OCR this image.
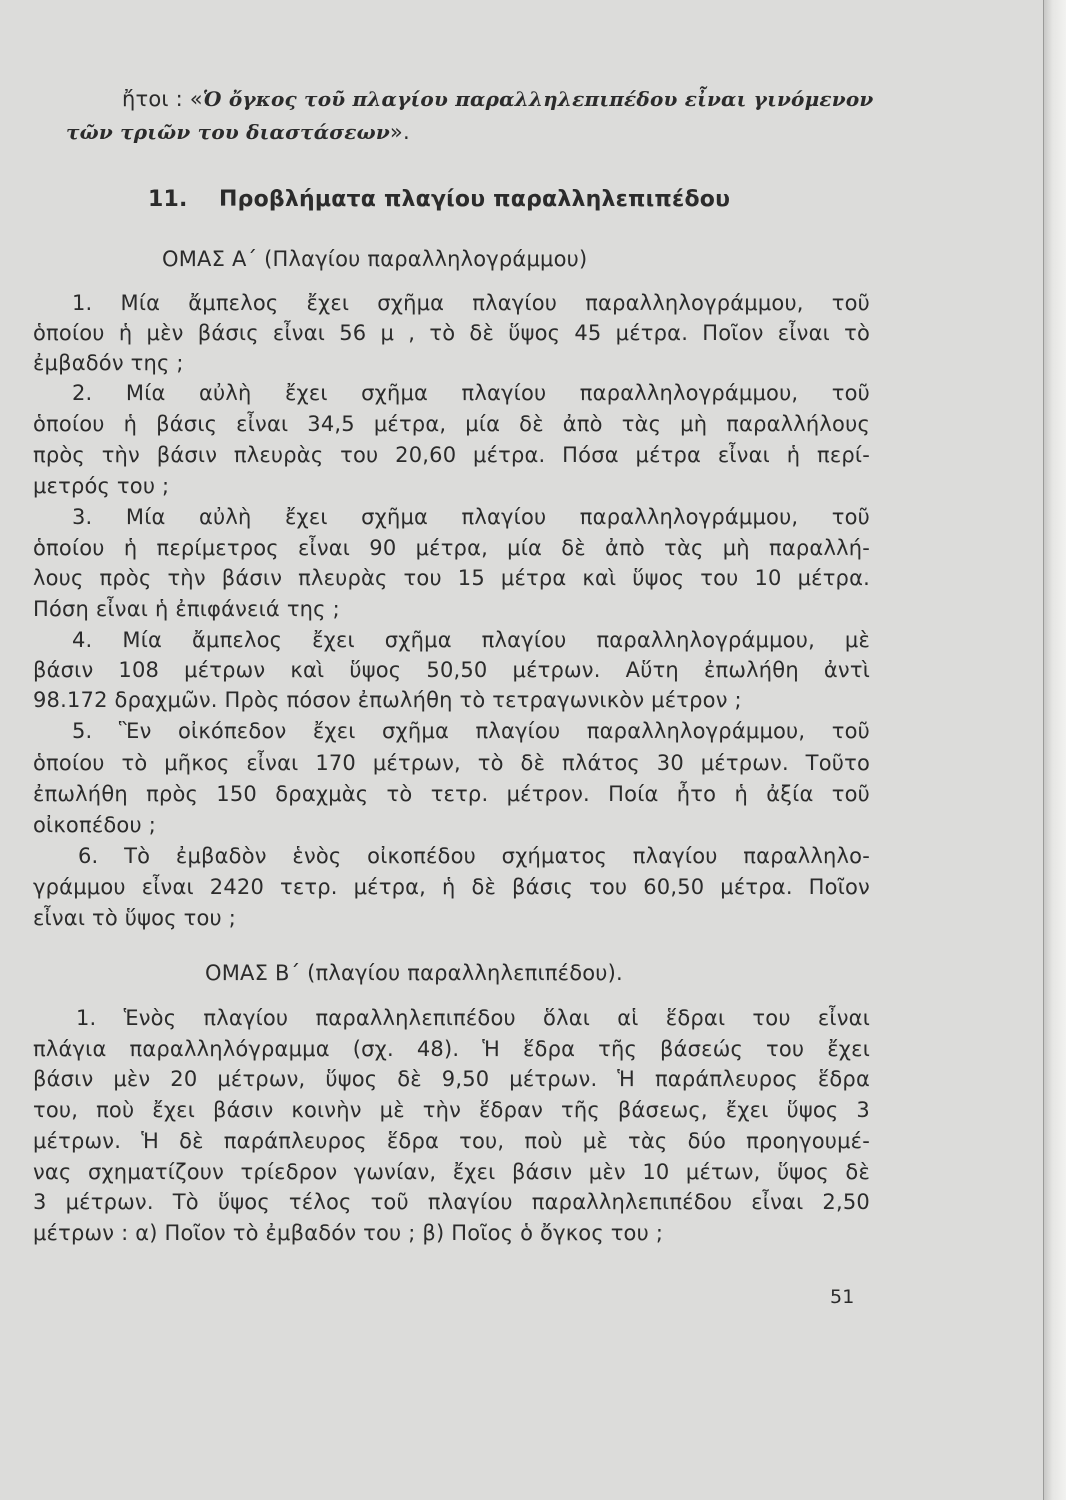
ἤτοι : «Ὁ ὄγκος τοῦ πλαγίου παραλληλεπιπέδου εἶναι γινόμενον
τῶν τριῶν του διαστάσεων».
11. Προβλήματα πλαγίου παραλληλεπιπέδου
ΟΜΑΣ Α΄ (Πλαγίου παραλληλογράμμου)
1. Μία ἄμπελος ἔχει σχῆμα πλαγίου παραλληλογράμμου, τοῦ
ὁποίου ἡ μὲν βάσις εἶναι 56 μ , τὸ δὲ ὕψος 45 μέτρα. Ποῖον εἶναι τὸ
ἐμβαδόν της ;
2. Μία αὐλὴ ἔχει σχῆμα πλαγίου παραλληλογράμμου, τοῦ
ὁποίου ἡ βάσις εἶναι 34,5 μέτρα, μία δὲ ἀπὸ τὰς μὴ παραλλήλους
πρὸς τὴν βάσιν πλευρὰς του 20,60 μέτρα. Πόσα μέτρα εἶναι ἡ περί-
μετρός του ;
3. Μία αὐλὴ ἔχει σχῆμα πλαγίου παραλληλογράμμου, τοῦ
ὁποίου ἡ περίμετρος εἶναι 90 μέτρα, μία δὲ ἀπὸ τὰς μὴ παραλλή-
λους πρὸς τὴν βάσιν πλευρὰς του 15 μέτρα καὶ ὕψος του 10 μέτρα.
Πόση εἶναι ἡ ἐπιφάνειά της ;
4. Μία ἄμπελος ἔχει σχῆμα πλαγίου παραλληλογράμμου, μὲ
βάσιν 108 μέτρων καὶ ὕψος 50,50 μέτρων. Αὕτη ἐπωλήθη ἀντὶ
98.172 δραχμῶν. Πρὸς πόσον ἐπωλήθη τὸ τετραγωνικὸν μέτρον ;
5. Ἓν οἰκόπεδον ἔχει σχῆμα πλαγίου παραλληλογράμμου, τοῦ
ὁποίου τὸ μῆκος εἶναι 170 μέτρων, τὸ δὲ πλάτος 30 μέτρων. Τοῦτο
ἐπωλήθη πρὸς 150 δραχμὰς τὸ τετρ. μέτρον. Ποία ἦτο ἡ ἀξία τοῦ
οἰκοπέδου ;
6. Τὸ ἐμβαδὸν ἑνὸς οἰκοπέδου σχήματος πλαγίου παραλληλο-
γράμμου εἶναι 2420 τετρ. μέτρα, ἡ δὲ βάσις του 60,50 μέτρα. Ποῖον
εἶναι τὸ ὕψος του ;
ΟΜΑΣ Β΄ (πλαγίου παραλληλεπιπέδου).
1. Ἑνὸς πλαγίου παραλληλεπιπέδου ὅλαι αἱ ἕδραι του εἶναι
πλάγια παραλληλόγραμμα (σχ. 48). Ἡ ἕδρα τῆς βάσεώς του ἔχει
βάσιν μὲν 20 μέτρων, ὕψος δὲ 9,50 μέτρων. Ἡ παράπλευρος ἕδρα
του, ποὺ ἔχει βάσιν κοινὴν μὲ τὴν ἕδραν τῆς βάσεως, ἔχει ὕψος 3
μέτρων. Ἡ δὲ παράπλευρος ἕδρα του, ποὺ μὲ τὰς δύο προηγουμέ-
νας σχηματίζουν τρίεδρον γωνίαν, ἔχει βάσιν μὲν 10 μέτων, ὕψος δὲ
3 μέτρων. Τὸ ὕψος τέλος τοῦ πλαγίου παραλληλεπιπέδου εἶναι 2,50
μέτρων : α) Ποῖον τὸ ἐμβαδόν του ; β) Ποῖος ὁ ὄγκος του ;
51
